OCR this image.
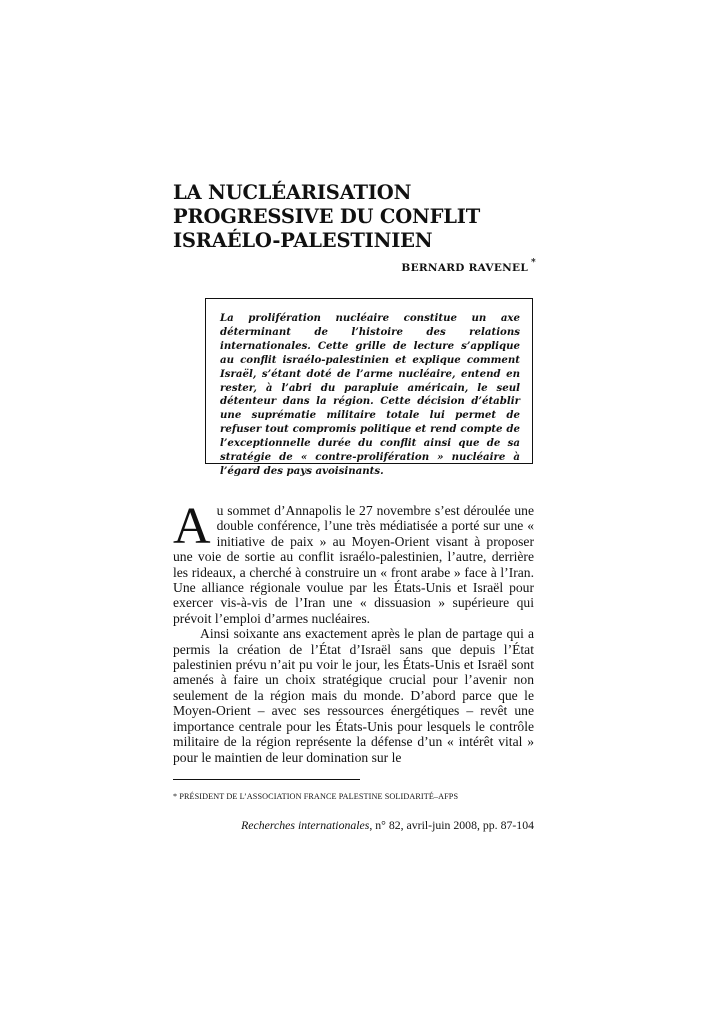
LA NUCLÉARISATION
PROGRESSIVE DU CONFLIT
ISRAÉLO-PALESTINIEN
BERNARD RAVENEL *

La prolifération nucléaire constitue un axe déterminant de l’histoire des relations internationales. Cette grille de lecture s’applique au conflit israélo-palestinien et explique comment Israël, s’étant doté de l’arme nucléaire, entend en rester, à l’abri du parapluie américain, le seul détenteur dans la région. Cette décision d’établir une suprématie militaire totale lui permet de refuser tout compromis politique et rend compte de l’exceptionnelle durée du conflit ainsi que de sa stratégie de « contre-prolifération » nucléaire à l’égard des pays avoisinants.

Au sommet d’Annapolis le 27 novembre s’est déroulée une double conférence, l’une très médiatisée a porté sur une « initiative de paix » au Moyen-Orient visant à proposer une voie de sortie au conflit israélo-palestinien, l’autre, derrière les rideaux, a cherché à construire un « front arabe » face à l’Iran. Une alliance régionale voulue par les États-Unis et Israël pour exercer vis-à-vis de l’Iran une « dissuasion » supérieure qui prévoit l’emploi d’armes nucléaires.

Ainsi soixante ans exactement après le plan de partage qui a permis la création de l’État d’Israël sans que depuis l’État palestinien prévu n’ait pu voir le jour, les États-Unis et Israël sont amenés à faire un choix stratégique crucial pour l’avenir non seulement de la région mais du monde. D’abord parce que le Moyen-Orient – avec ses ressources énergétiques – revêt une importance centrale pour les États-Unis pour lesquels le contrôle militaire de la région représente la défense d’un « intérêt vital » pour le maintien de leur domination sur le

* PRÉSIDENT DE L’ASSOCIATION FRANCE PALESTINE SOLIDARITÉ–AFPS
Recherches internationales, n° 82, avril-juin 2008, pp. 87-104
